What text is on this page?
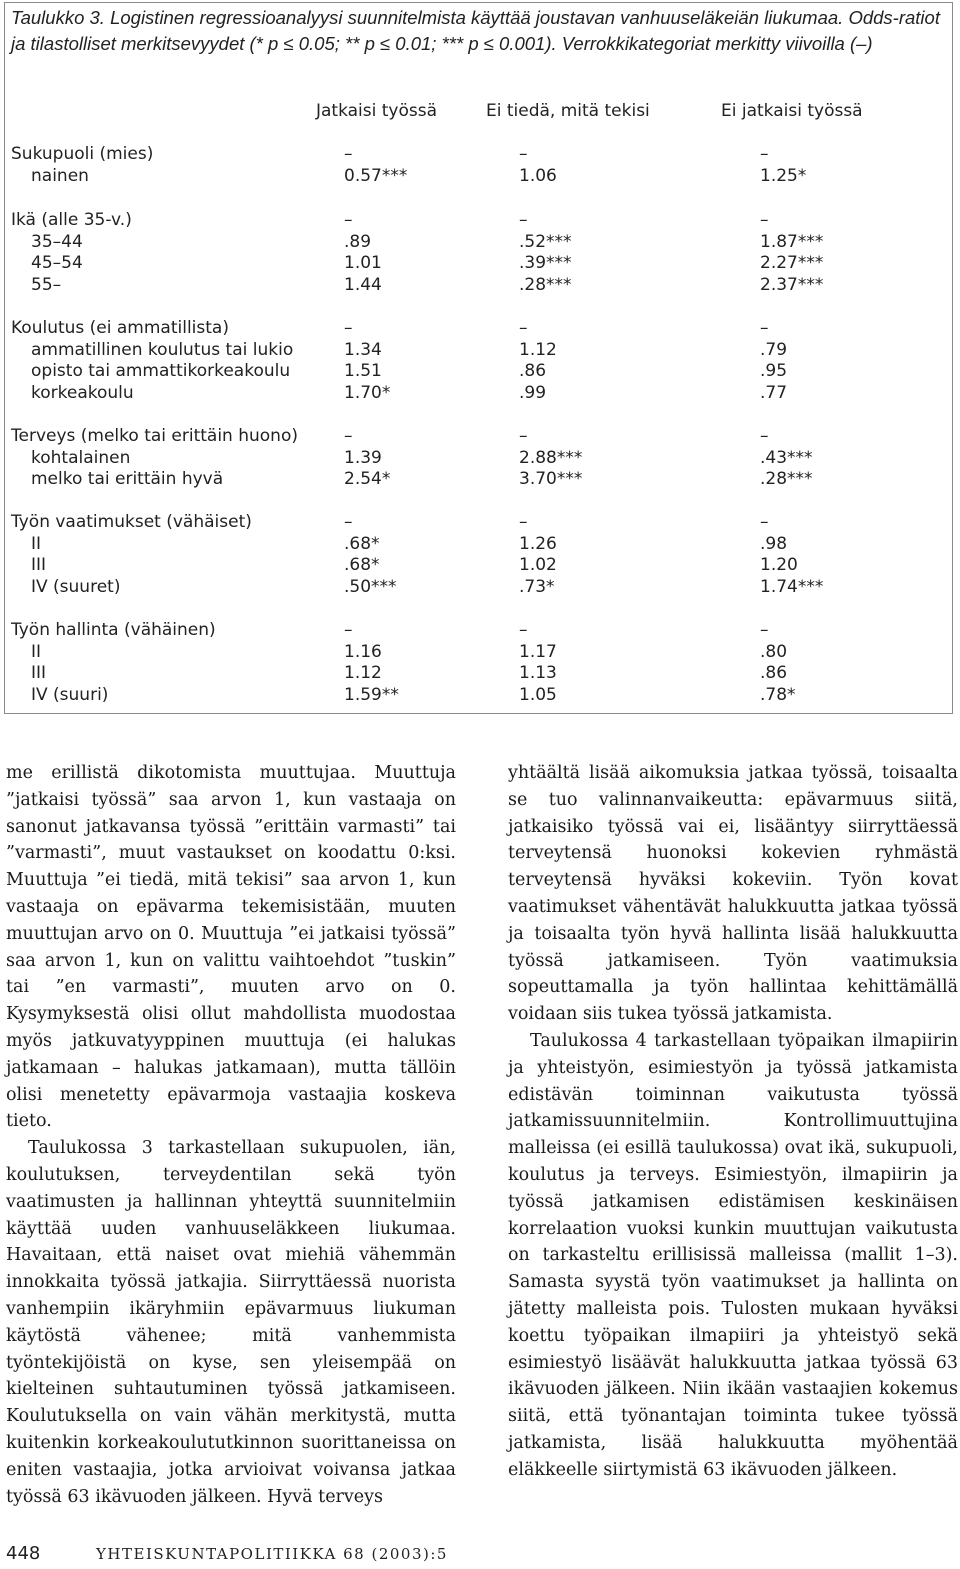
Taulukko 3. Logistinen regressioanalyysi suunnitelmista käyttää joustavan vanhuuseläkeiän liukumaa. Odds-ratiot ja tilastolliset merkitsevyydet (* p ≤ 0.05; ** p ≤ 0.01; *** p ≤ 0.001). Verrokkikategoriat merkitty viivoilla (–)
Jatkaisi työssä	Ei tiedä, mitä tekisi	Ei jatkaisi työssä
Sukupuoli (mies)	–	–	–
nainen	0.57***	1.06	1.25*
Ikä (alle 35-v.)	–	–	–
35–44	.89	.52***	1.87***
45–54	1.01	.39***	2.27***
55–	1.44	.28***	2.37***
Koulutus (ei ammatillista)	–	–	–
ammatillinen koulutus tai lukio	1.34	1.12	.79
opisto tai ammattikorkeakoulu	1.51	.86	.95
korkeakoulu	1.70*	.99	.77
Terveys (melko tai erittäin huono)	–	–	–
kohtalainen	1.39	2.88***	.43***
melko tai erittäin hyvä	2.54*	3.70***	.28***
Työn vaatimukset (vähäiset)	–	–	–
II	.68*	1.26	.98
III	.68*	1.02	1.20
IV (suuret)	.50***	.73*	1.74***
Työn hallinta (vähäinen)	–	–	–
II	1.16	1.17	.80
III	1.12	1.13	.86
IV (suuri)	1.59**	1.05	.78*

me erillistä dikotomista muuttujaa. Muuttuja ”jatkaisi työssä” saa arvon 1, kun vastaaja on sanonut jatkavansa työssä ”erittäin varmasti” tai ”varmasti”, muut vastaukset on koodattu 0:ksi. Muuttuja ”ei tiedä, mitä tekisi” saa arvon 1, kun vastaaja on epävarma tekemisistään, muuten muuttujan arvo on 0. Muuttuja ”ei jatkaisi työssä” saa arvon 1, kun on valittu vaihtoehdot ”tuskin” tai ”en varmasti”, muuten arvo on 0. Kysymyksestä olisi ollut mahdollista muodostaa myös jatkuvatyyppinen muuttuja (ei halukas jatkamaan – halukas jatkamaan), mutta tällöin olisi menetetty epävarmoja vastaajia koskeva tieto.

Taulukossa 3 tarkastellaan sukupuolen, iän, koulutuksen, terveydentilan sekä työn vaatimusten ja hallinnan yhteyttä suunnitelmiin käyttää uuden vanhuuseläkkeen liukumaa. Havaitaan, että naiset ovat miehiä vähemmän innokkaita työssä jatkajia. Siirryttäessä nuorista vanhempiin ikäryhmiin epävarmuus liukuman käytöstä vähenee; mitä vanhemmista työntekijöistä on kyse, sen yleisempää on kielteinen suhtautuminen työssä jatkamiseen. Koulutuksella on vain vähän merkitystä, mutta kuitenkin korkeakoulututkinnon suorittaneissa on eniten vastaajia, jotka arvioivat voivansa jatkaa työssä 63 ikävuoden jälkeen. Hyvä terveys

yhtäältä lisää aikomuksia jatkaa työssä, toisaalta se tuo valinnanvaikeutta: epävarmuus siitä, jatkaisiko työssä vai ei, lisääntyy siirryttäessä terveytensä huonoksi kokevien ryhmästä terveytensä hyväksi kokeviin. Työn kovat vaatimukset vähentävät halukkuutta jatkaa työssä ja toisaalta työn hyvä hallinta lisää halukkuutta työssä jatkamiseen. Työn vaatimuksia sopeuttamalla ja työn hallintaa kehittämällä voidaan siis tukea työssä jatkamista.

Taulukossa 4 tarkastellaan työpaikan ilmapiirin ja yhteistyön, esimiestyön ja työssä jatkamista edistävän toiminnan vaikutusta työssä jatkamissuunnitelmiin. Kontrollimuuttujina malleissa (ei esillä taulukossa) ovat ikä, sukupuoli, koulutus ja terveys. Esimiestyön, ilmapiirin ja työssä jatkamisen edistämisen keskinäisen korrelaation vuoksi kunkin muuttujan vaikutusta on tarkasteltu erillisissä malleissa (mallit 1–3). Samasta syystä työn vaatimukset ja hallinta on jätetty malleista pois. Tulosten mukaan hyväksi koettu työpaikan ilmapiiri ja yhteistyö sekä esimiestyö lisäävät halukkuutta jatkaa työssä 63 ikävuoden jälkeen. Niin ikään vastaajien kokemus siitä, että työnantajan toiminta tukee työssä jatkamista, lisää halukkuutta myöhentää eläkkeelle siirtymistä 63 ikävuoden jälkeen.

448	YHTEISKUNTAPOLITIIKKA 68 (2003):5
